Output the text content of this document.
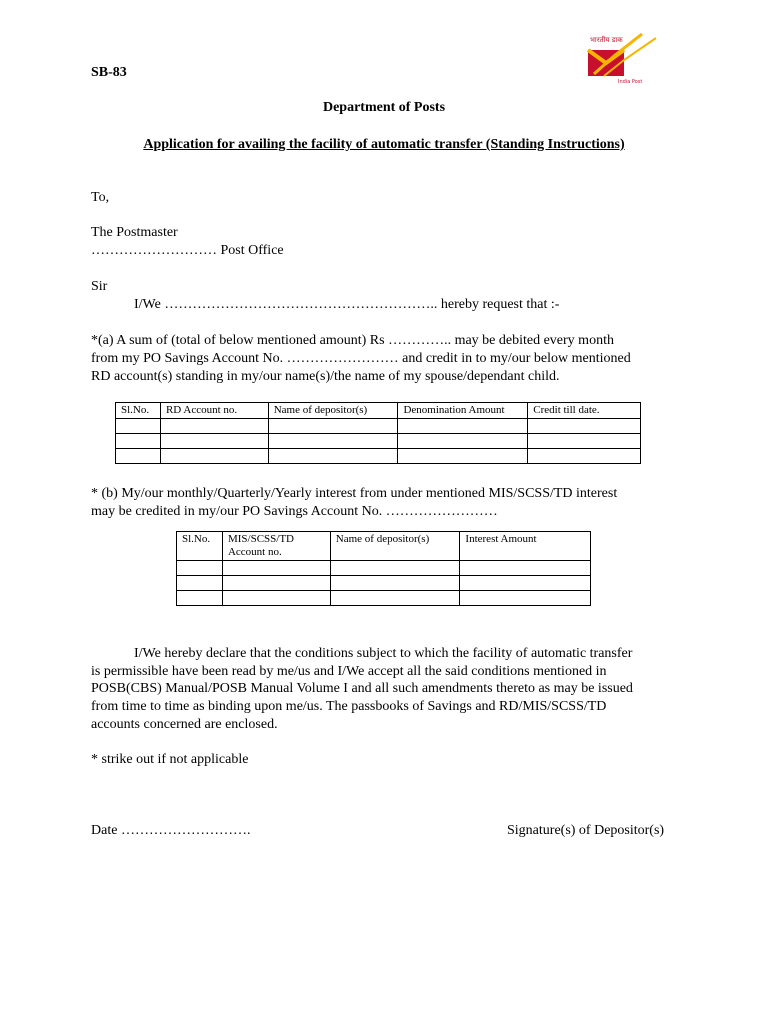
भारतीय डाक
India Post
SB-83
Department of Posts
Application for availing the facility of automatic transfer (Standing Instructions)
To,
The Postmaster
……………………… Post Office
Sir
I/We ………………………………………………….. hereby request that :-
*(a) A sum of (total of below mentioned amount) Rs ………….. may be debited every month
from my PO Savings Account No. …………………… and credit in to my/our below mentioned
RD account(s) standing in my/our name(s)/the name of my spouse/dependant child.
Sl.No.	RD Account no.	Name of depositor(s)	Denomination Amount	Credit till date.

* (b) My/our monthly/Quarterly/Yearly interest from under mentioned MIS/SCSS/TD interest
may be credited in my/our PO Savings Account No. ……………………
Sl.No.	MIS/SCSS/TD Account no.	Name of depositor(s)	Interest Amount

I/We hereby declare that the conditions subject to which the facility of automatic transfer
is permissible have been read by me/us and I/We accept all the said conditions mentioned in
POSB(CBS) Manual/POSB Manual Volume I and all such amendments thereto as may be issued
from time to time as binding upon me/us. The passbooks of Savings and RD/MIS/SCSS/TD
accounts concerned are enclosed.
* strike out if not applicable
Date ……………………….	Signature(s) of Depositor(s)
